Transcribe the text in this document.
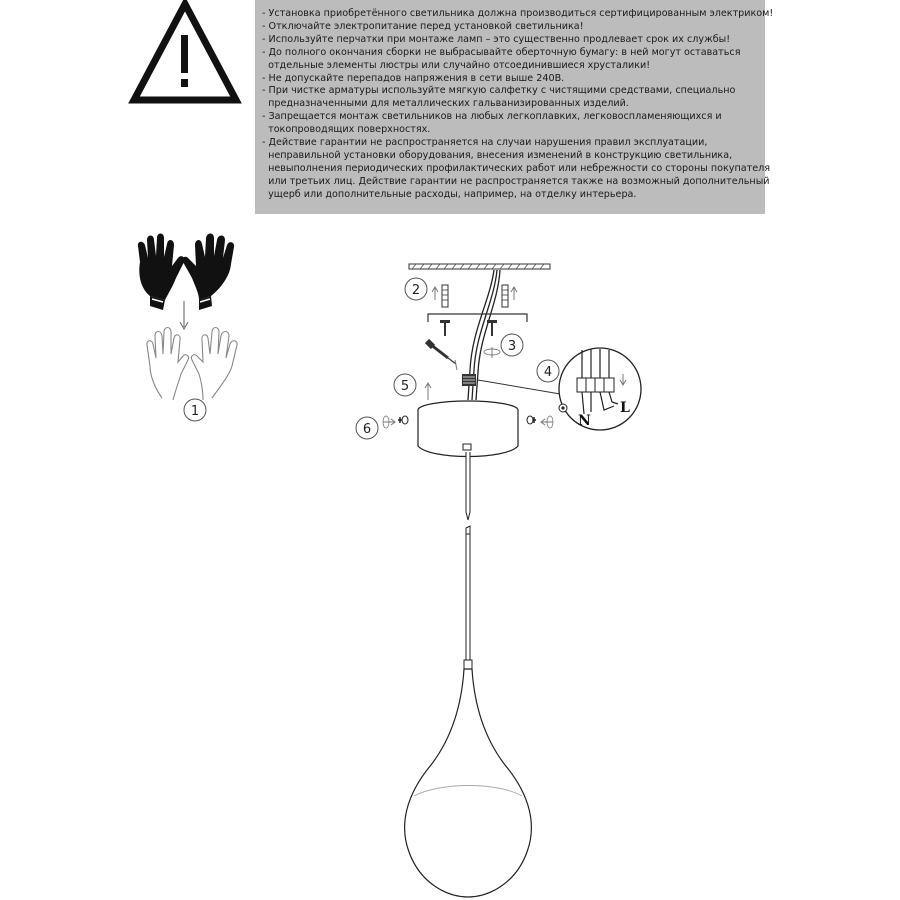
- Установка приобретённого светильника должна производиться сертифицированным электриком!
- Отключайте электропитание перед установкой светильника!
- Используйте перчатки при монтаже ламп – это существенно продлевает срок их службы!
- До полного окончания сборки не выбрасывайте оберточную бумагу: в ней могут оставаться
отдельные элементы люстры или случайно отсоединившиеся хрусталики!
- Не допускайте перепадов напряжения в сети выше 240В.
- При чистке арматуры используйте мягкую салфетку с чистящими средствами, специально
предназначенными для металлических гальванизированных изделий.
- Запрещается монтаж светильников на любых легкоплавких, легковоспламеняющихся и
токопроводящих поверхностях.
- Действие гарантии не распространяется на случаи нарушения правил эксплуатации,
неправильной установки оборудования, внесения изменений в конструкцию светильника,
невыполнения периодических профилактических работ или небрежности со стороны покупателя
или третьих лиц. Действие гарантии не распространяется также на возможный дополнительный
ущерб или дополнительные расходы, например, на отделку интерьера.
1
2
3
4
N
L
5
6
